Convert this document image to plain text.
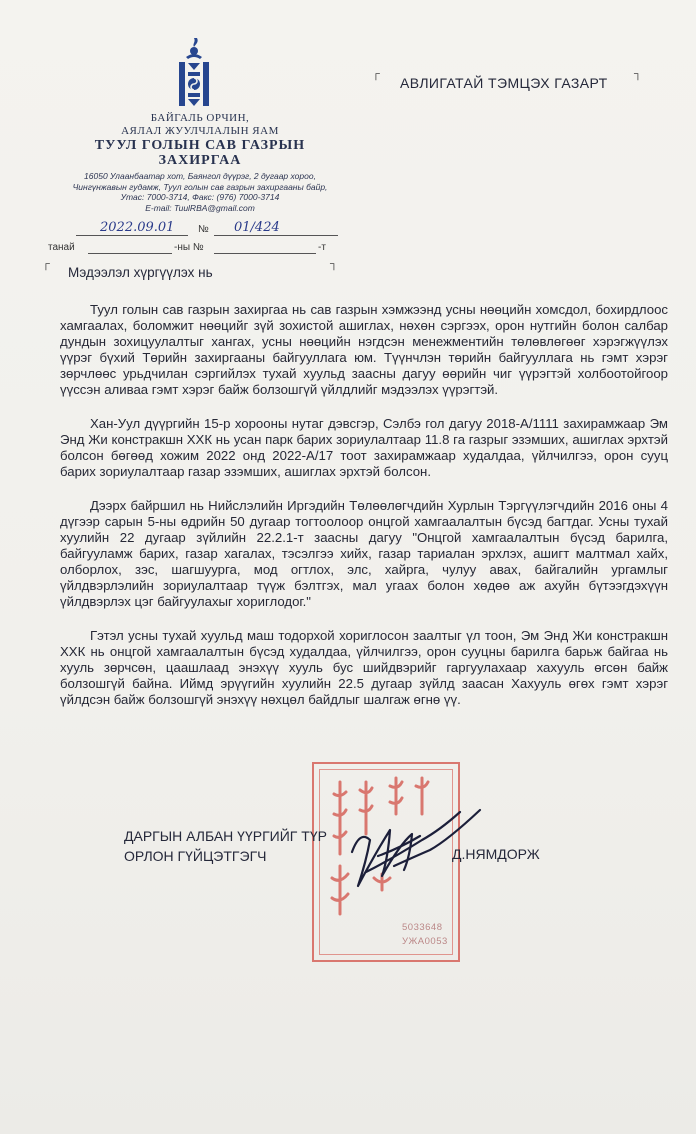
БАЙГАЛЬ ОРЧИН,
АЯЛАЛ ЖУУЛЧЛАЛЫН ЯАМ
ТУУЛ ГОЛЫН САВ ГАЗРЫН
ЗАХИРГАА
16050 Улаанбаатар хот, Баянгол дүүрэг, 2 дугаар хороо,
Чингүнжавын гудамж, Туул голын сав газрын захиргааны байр,
Утас: 7000-3714, Факс: (976) 7000-3714
E-mail: TuulRBA@gmail.com
┌
АВЛИГАТАЙ ТЭМЦЭХ ГАЗАРТ
┐
2022.09.01 № 01/424
танай	-ны №	-т
┌
Мэдээлэл хүргүүлэх нь
┐

Туул голын сав газрын захиргаа нь сав газрын хэмжээнд усны нөөцийн хомсдол, бохирдлоос хамгаалах, боломжит нөөцийг зүй зохистой ашиглах, нөхөн сэргээх, орон нутгийн болон салбар дундын зохицуулалтыг хангах, усны нөөцийн нэгдсэн менежментийн төлөвлөгөөг хэрэгжүүлэх үүрэг бүхий Төрийн захиргааны байгууллага юм. Түүнчлэн төрийн байгууллага нь гэмт хэрэг зөрчлөөс урьдчилан сэргийлэх тухай хуульд заасны дагуу өөрийн чиг үүрэгтэй холбоотойгоор үүссэн аливаа гэмт хэрэг байж болзошгүй үйлдлийг мэдээлэх үүрэгтэй.

Хан-Уул дүүргийн 15-р хорооны нутаг дэвсгэр, Сэлбэ гол дагуу 2018-А/1111 захирамжаар Эм Энд Жи констракшн ХХК нь усан парк барих зориулалтаар 11.8 га газрыг эзэмших, ашиглах эрхтэй болсон бөгөөд хожим 2022 онд 2022-А/17 тоот захирамжаар худалдаа, үйлчилгээ, орон сууц барих зориулалтаар газар эзэмших, ашиглах эрхтэй болсон.

Дээрх байршил нь Нийслэлийн Иргэдийн Төлөөлөгчдийн Хурлын Тэргүүлэгчдийн 2016 оны 4 дүгээр сарын 5-ны өдрийн 50 дугаар тогтоолоор онцгой хамгаалалтын бүсэд багтдаг. Усны тухай хуулийн 22 дугаар зүйлийн 22.2.1-т заасны дагуу "Онцгой хамгаалалтын бүсэд барилга, байгууламж барих, газар хагалах, тэсэлгээ хийх, газар тариалан эрхлэх, ашигт малтмал хайх, олборлох, зэс, шагшуурга, мод огтлох, элс, хайрга, чулуу авах, байгалийн ургамлыг үйлдвэрлэлийн зориулалтаар түүж бэлтгэх, мал угаах болон хөдөө аж ахуйн бүтээгдэхүүн үйлдвэрлэх цэг байгуулахыг хориглодог."

Гэтэл усны тухай хуульд маш тодорхой хориглосон заалтыг үл тоон, Эм Энд Жи констракшн ХХК нь онцгой хамгаалалтын бүсэд худалдаа, үйлчилгээ, орон сууцны барилга барьж байгаа нь хууль зөрчсөн, цаашлаад энэхүү хууль бус шийдвэрийг гаргуулахаар хахууль өгсөн байж болзошгүй байна. Иймд эрүүгийн хуулийн 22.5 дугаар зүйлд заасан Хахууль өгөх гэмт хэрэг үйлдсэн байж болзошгүй энэхүү нөхцөл байдлыг шалгаж өгнө үү.

5033648
УЖА0053
ДАРГЫН АЛБАН ҮҮРГИЙГ ТҮР
ОРЛОН ГҮЙЦЭТГЭГЧ	Д.НЯМДОРЖ
